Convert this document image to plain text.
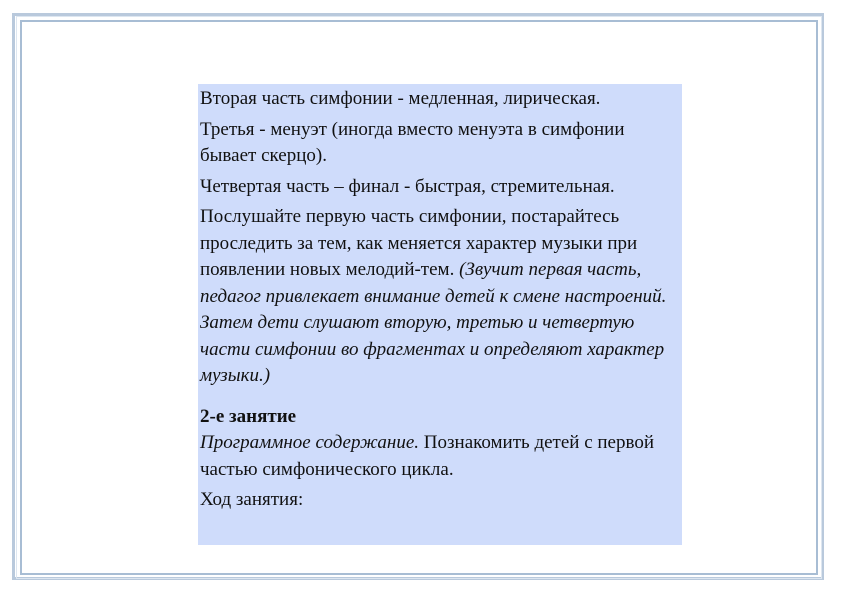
Вторая часть симфонии - медленная, лирическая.

Третья - менуэт (иногда вместо менуэта в симфонии бывает скерцо).

Четвертая часть – финал - быстрая, стремительная.

Послушайте первую часть симфонии, постарайтесь проследить за тем, как меняется характер музыки при появлении новых мелодий-тем. (Звучит первая часть, педагог привлекает внимание детей к смене настроений. Затем дети слушают вторую, третью и четвертую части симфонии во фрагментах и определяют характер музыки.)

2-е занятие

Программное содержание. Познакомить детей с первой частью симфонического цикла.

Ход занятия:
